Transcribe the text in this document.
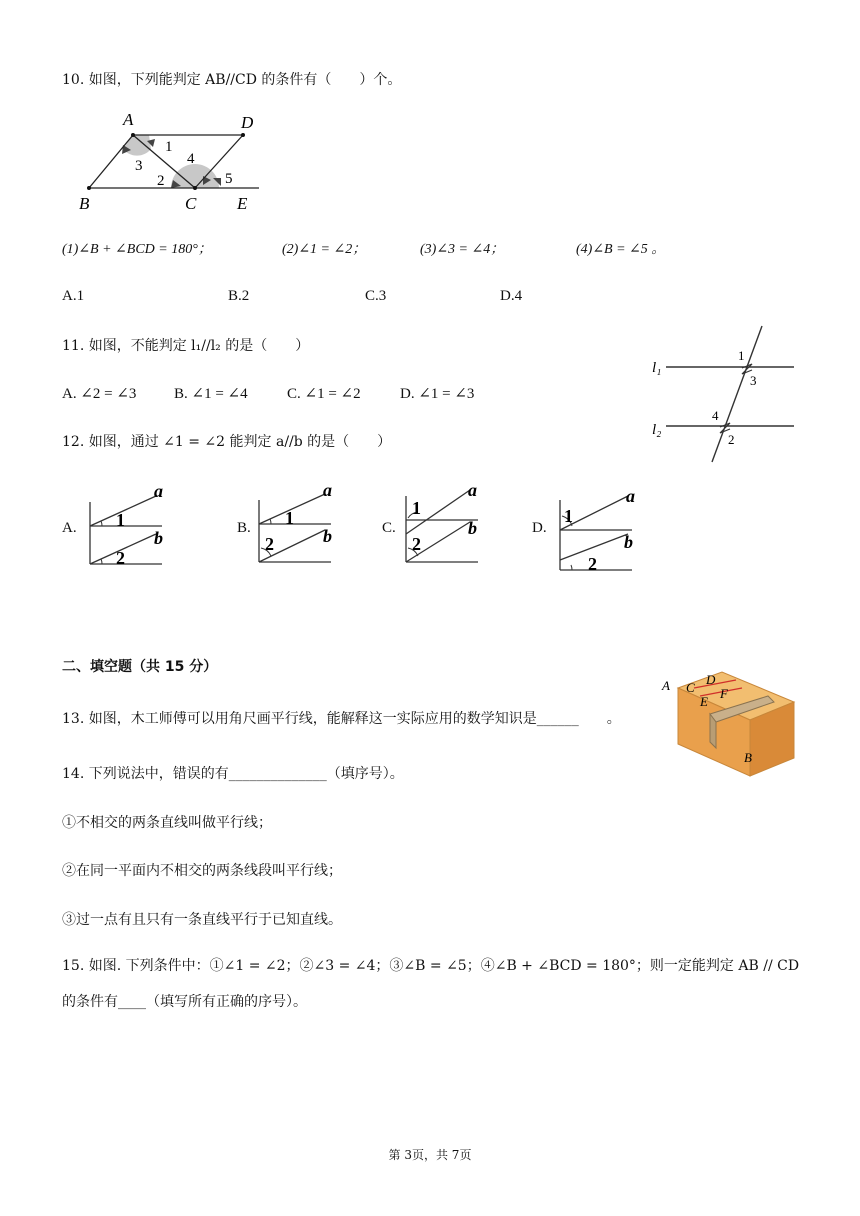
10. 如图，下列能判定 AB//CD 的条件有（　　）个。
A	D
B	C E
1
3	4
2	5
(1)∠B + ∠BCD = 180°；	(2)∠1 = ∠2；	(3)∠3 = ∠4；	(4)∠B = ∠5 。
A.1	B.2	C.3	D.4
11. 如图，不能判定 l₁//l₂ 的是（　　）
A. ∠2 = ∠3	B. ∠1 = ∠4	C. ∠1 = ∠2	D. ∠1 = ∠3
l₁
l₂
1
3
4
2
12. 如图，通过 ∠1 = ∠2 能判定 a//b 的是（　　）
A.
a
b
1
2
B.
a
b
1
2
C.
a
b
1
2
D.
a
b
1
2
二、填空题（共 15 分）
13. 如图，木工师傅可以用角尺画平行线，能解释这一实际应用的数学知识是______　　。
A C
D
F
E
B
14. 下列说法中，错误的有______________（填序号）。
①不相交的两条直线叫做平行线；
②在同一平面内不相交的两条线段叫平行线；
③过一点有且只有一条直线平行于已知直线。
15. 如图. 下列条件中：①∠1 = ∠2；②∠3 = ∠4；③∠B = ∠5；④∠B + ∠BCD = 180°；则一定能判定 AB // CD
的条件有____（填写所有正确的序号）。
第 3页，共 7页
